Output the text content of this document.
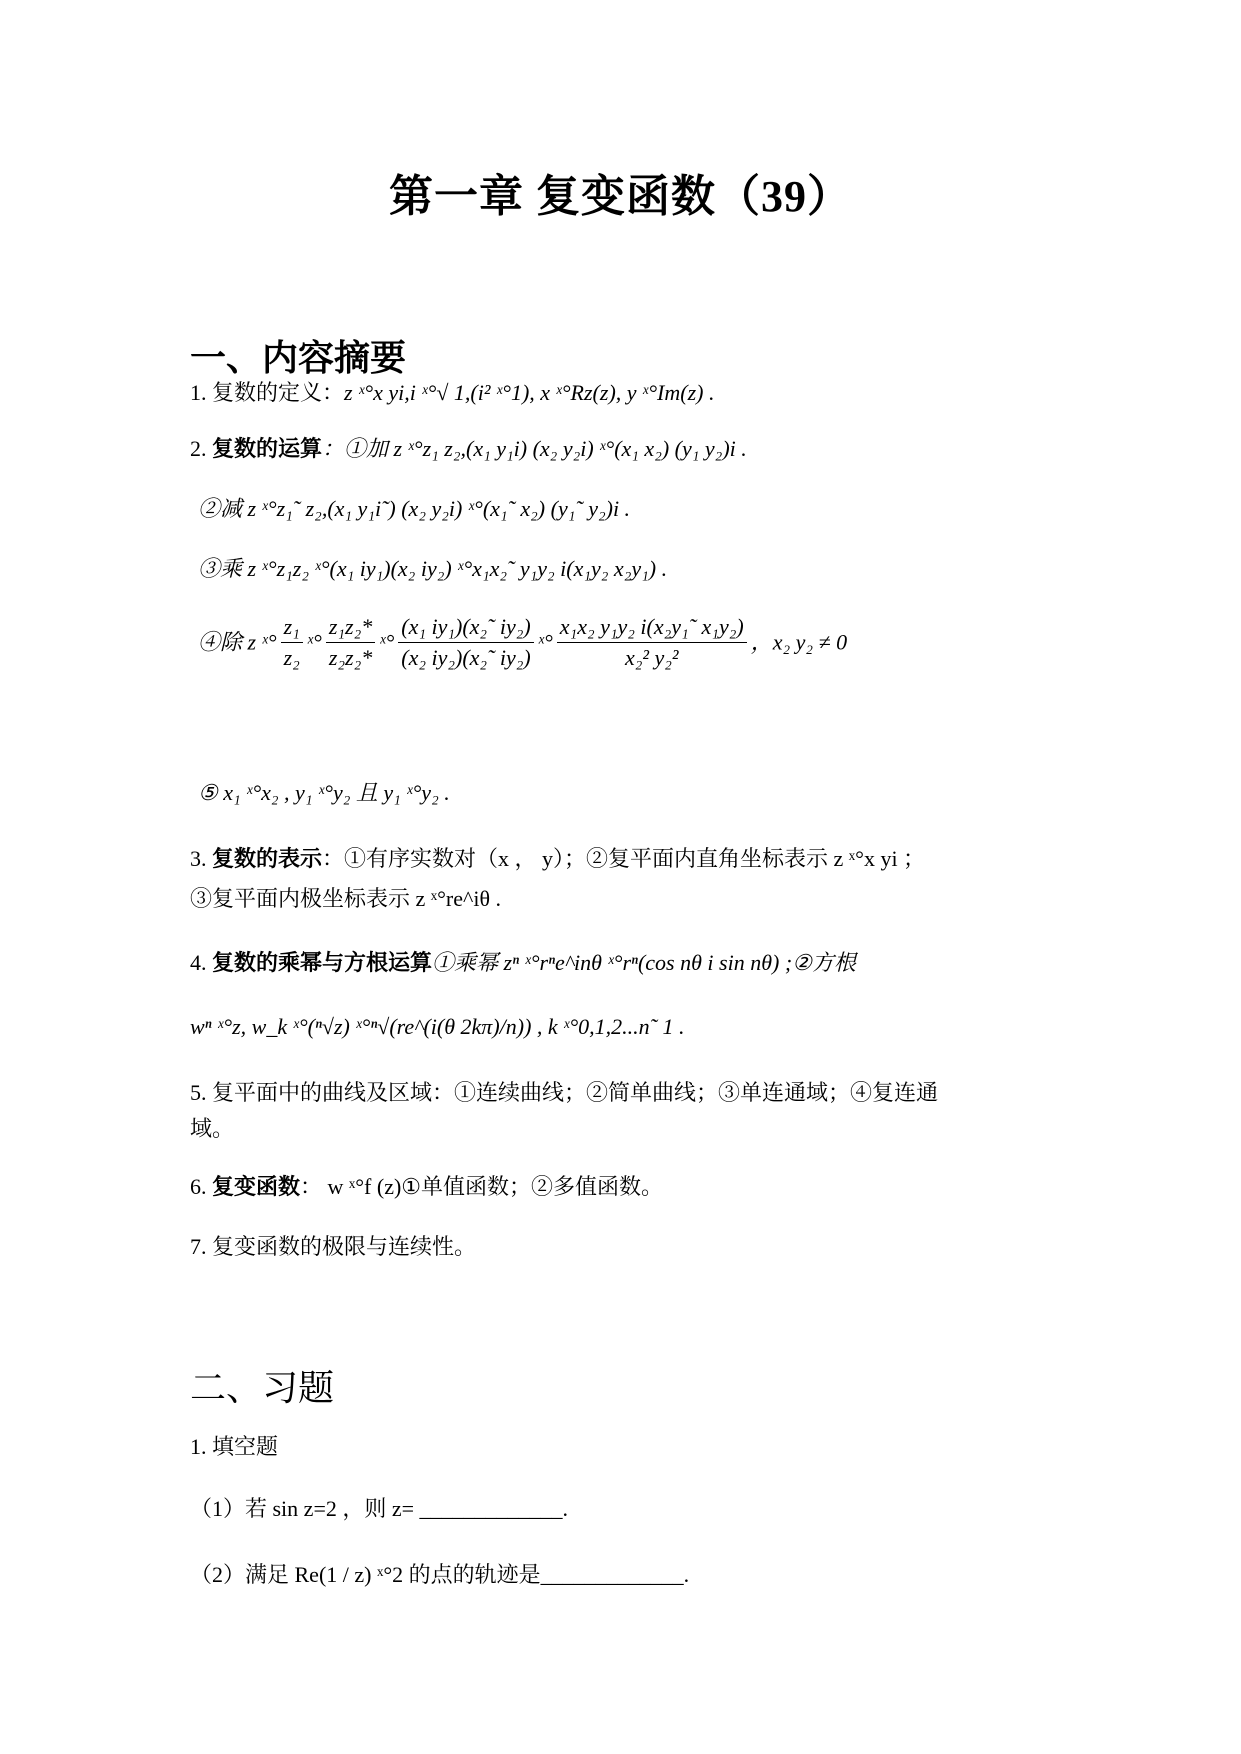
第一章 复变函数（39）
一、内容摘要
1. 复数的定义：z ˣ°x yi,i ˣ°√ 1,(i² ˣ°1), x ˣ°Rz(z), y ˣ°Im(z) .
2. 复数的运算：①加 z ˣ°z₁ z₂,(x₁ y₁i) (x₂ y₂i) ˣ°(x₁ x₂) (y₁ y₂)i .
②减 z ˣ°z₁˜ z₂,(x₁ y₁i˜) (x₂ y₂i) ˣ°(x₁˜ x₂) (y₁˜ y₂)i .
③乘 z ˣ°z₁z₂ ˣ°(x₁ iy₁)(x₂ iy₂) ˣ°x₁x₂˜ y₁y₂ i(x₁y₂ x₂y₁) .
④除 z ˣ° $\frac{\text{z₁}}{\text{z₂}}$ ˣ° $\frac{\text{z₁z₂*}}{\text{z₂z₂*}}$ ˣ° $\frac{\text{(x₁ iy₁)(x₂˜ iy₂)}}{\text{(x₂ iy₂)(x₂˜ iy₂)}}$ ˣ° $\frac{\text{x₁x₂ y₁y₂ i(x₂y₁˜ x₁y₂)}}{\text{x₂² y₂²}}$ ，x₂ y₂ ≠ 0
⑤ x₁ ˣ°x₂ , y₁ ˣ°y₂ 且 y₁ ˣ°y₂ .
3. 复数的表示：①有序实数对（x ， y）；②复平面内直角坐标表示 z ˣ°x yi ；
③复平面内极坐标表示 z ˣ°re^iθ .
4. 复数的乘幂与方根运算①乘幂 zⁿ ˣ°rⁿe^inθ ˣ°rⁿ(cos nθ i sin nθ) ;②方根
wⁿ ˣ°z, w_k ˣ°(ⁿ√z) ˣ°ⁿ√(re^(i(θ 2kπ)/n)) , k ˣ°0,1,2...n˜ 1 .
5. 复平面中的曲线及区域：①连续曲线；②简单曲线；③单连通域；④复连通
域。
6. 复变函数： w ˣ°f (z)①单值函数；②多值函数。
7. 复变函数的极限与连续性。
二、习题
1. 填空题
（1）若 sin z=2 ，则 z= _____________.
（2）满足 Re(1 / z) ˣ°2 的点的轨迹是_____________.
